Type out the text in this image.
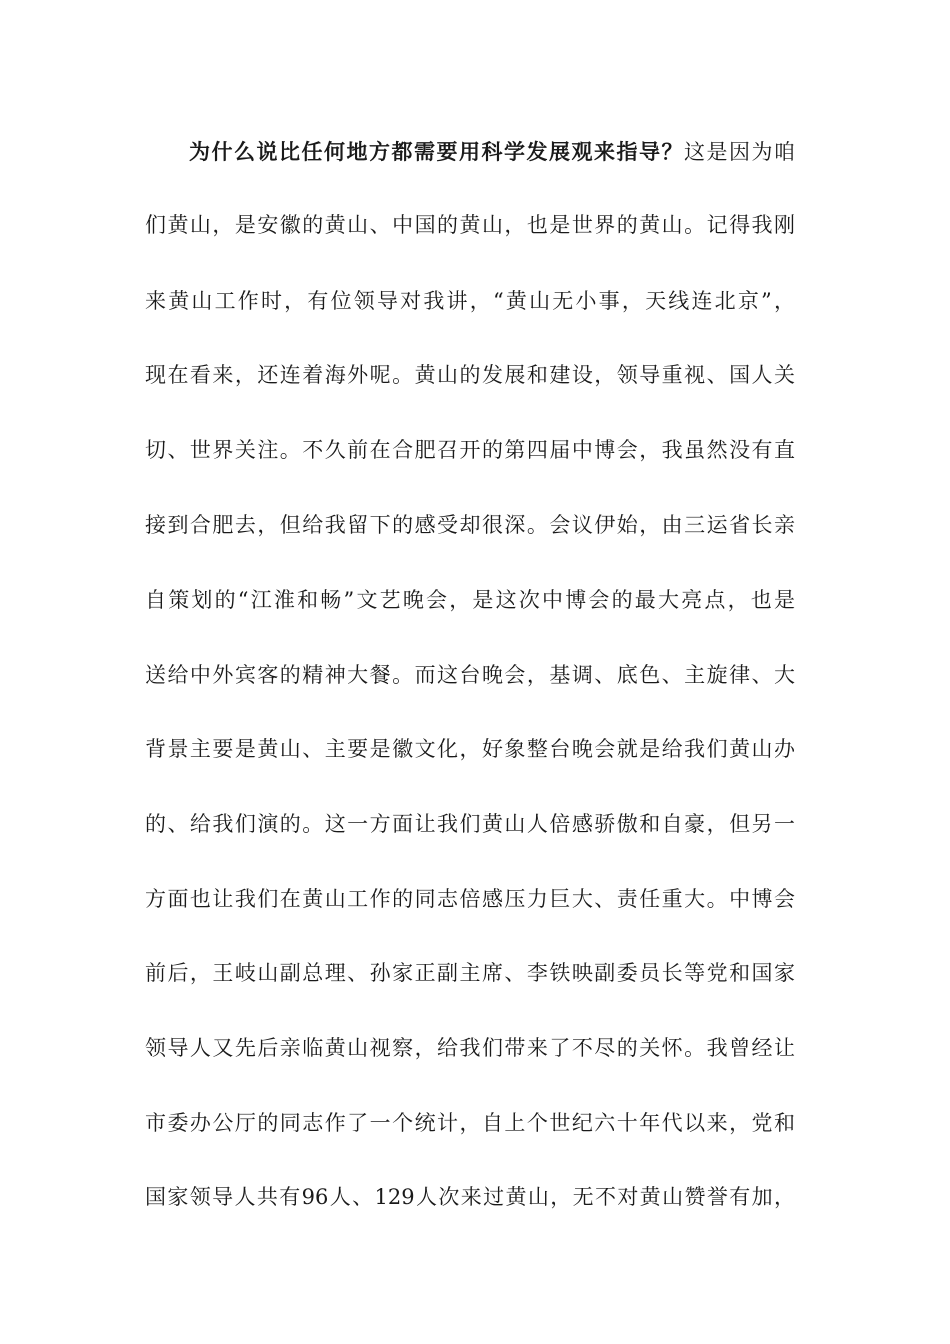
为什么说比任何地方都需要用科学发展观来指导？这是因为咱
们黄山，是安徽的黄山、中国的黄山，也是世界的黄山。记得我刚
来黄山工作时，有位领导对我讲，“黄山无小事，天线连北京”，
现在看来，还连着海外呢。黄山的发展和建设，领导重视、国人关
切、世界关注。不久前在合肥召开的第四届中博会，我虽然没有直
接到合肥去，但给我留下的感受却很深。会议伊始，由三运省长亲
自策划的“江淮和畅”文艺晚会，是这次中博会的最大亮点，也是
送给中外宾客的精神大餐。而这台晚会，基调、底色、主旋律、大
背景主要是黄山、主要是徽文化，好象整台晚会就是给我们黄山办
的、给我们演的。这一方面让我们黄山人倍感骄傲和自豪，但另一
方面也让我们在黄山工作的同志倍感压力巨大、责任重大。中博会
前后，王岐山副总理、孙家正副主席、李铁映副委员长等党和国家
领导人又先后亲临黄山视察，给我们带来了不尽的关怀。我曾经让
市委办公厅的同志作了一个统计，自上个世纪六十年代以来，党和
国家领导人共有96人、129人次来过黄山，无不对黄山赞誉有加，
